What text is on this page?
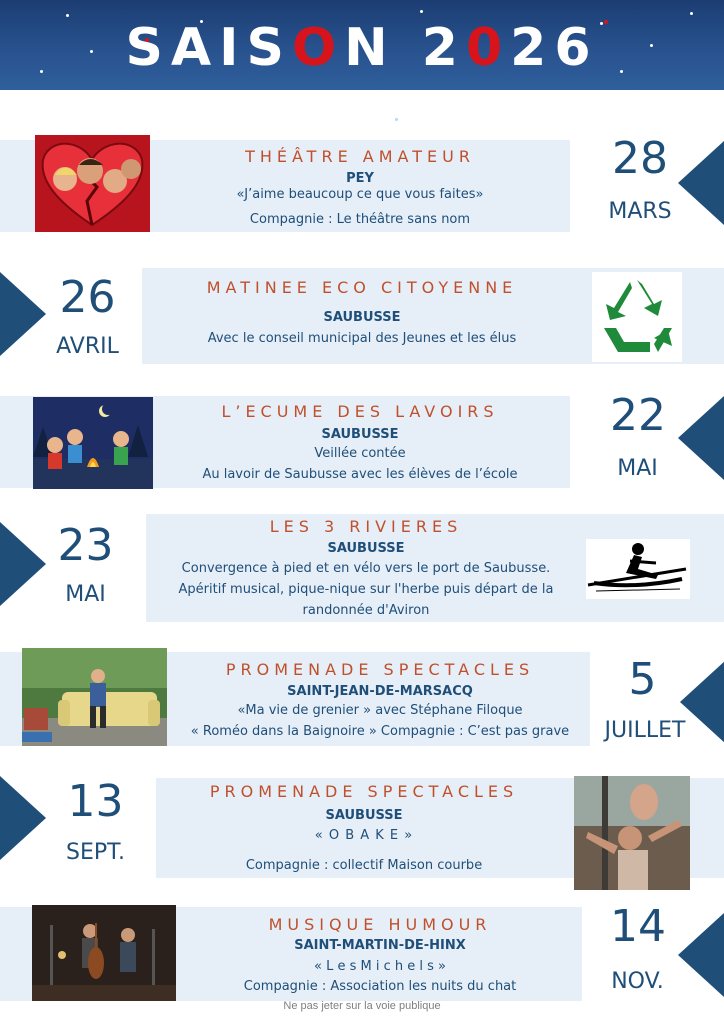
SAISON 2026
THÉÂTRE AMATEUR
PEY
«J’aime beaucoup ce que vous faites»
Compagnie : Le théâtre sans nom
28
MARS
26
AVRIL
MATINEE ECO CITOYENNE
SAUBUSSE
Avec le conseil municipal des Jeunes et les élus
L’ECUME DES LAVOIRS
SAUBUSSE
Veillée contée
Au lavoir de Saubusse avec les élèves de l’école
22
MAI
23
MAI
LES 3 RIVIERES
SAUBUSSE
Convergence à pied et en vélo vers le port de Saubusse.
Apéritif musical, pique-nique sur l'herbe puis départ de la
randonnée d'Aviron
PROMENADE SPECTACLES
SAINT-JEAN-DE-MARSACQ
«Ma vie de grenier » avec Stéphane Filoque
« Roméo dans la Baignoire » Compagnie : C’est pas grave
5
JUILLET
13
SEPT.
PROMENADE SPECTACLES
SAUBUSSE
« O B A K E »
Compagnie : collectif Maison courbe
MUSIQUE HUMOUR
SAINT-MARTIN-DE-HINX
« L e s M i c h e l s »
Compagnie : Association les nuits du chat
14
NOV.
Ne pas jeter sur la voie publique
